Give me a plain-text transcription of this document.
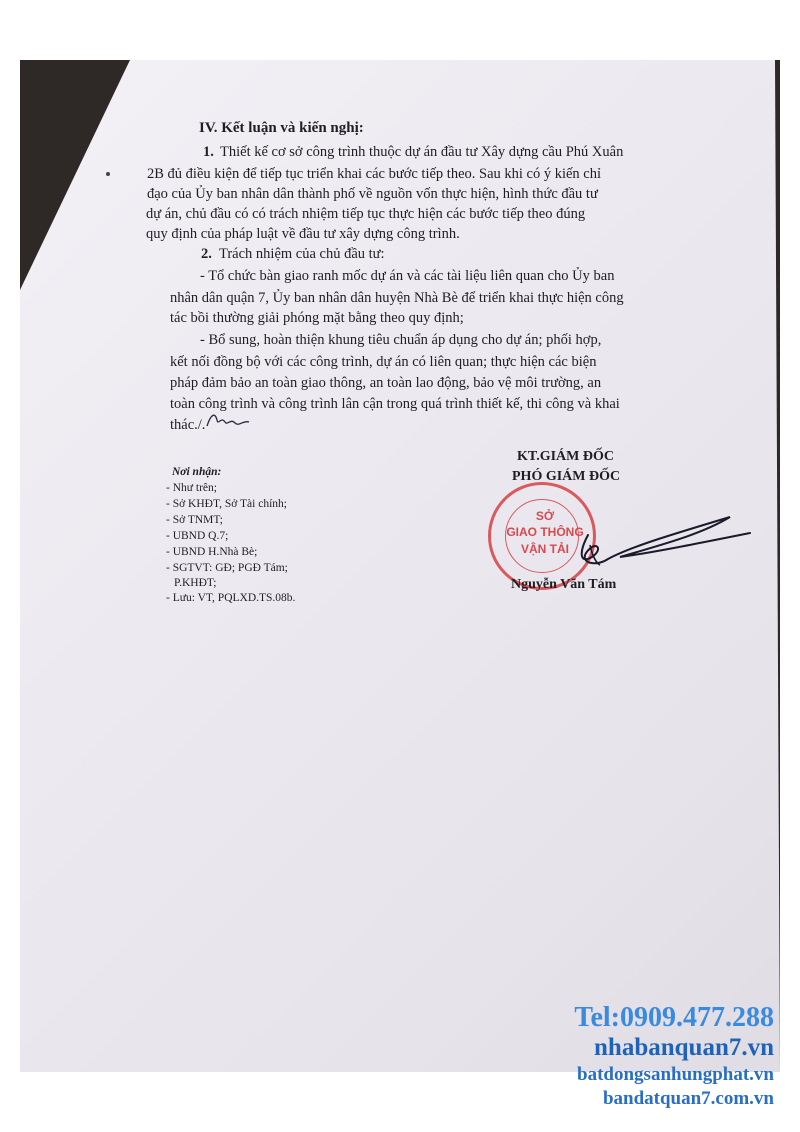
IV. Kết luận và kiến nghị:
1. Thiết kế cơ sở công trình thuộc dự án đầu tư Xây dựng cầu Phú Xuân
2B đủ điều kiện để tiếp tục triển khai các bước tiếp theo. Sau khi có ý kiến chỉ
đạo của Ủy ban nhân dân thành phố về nguồn vốn thực hiện, hình thức đầu tư
dự án, chủ đầu có có trách nhiệm tiếp tục thực hiện các bước tiếp theo đúng
quy định của pháp luật về đầu tư xây dựng công trình.
2. Trách nhiệm của chủ đầu tư:
- Tổ chức bàn giao ranh mốc dự án và các tài liệu liên quan cho Ủy ban
nhân dân quận 7, Ủy ban nhân dân huyện Nhà Bè để triển khai thực hiện công
tác bồi thường giải phóng mặt bằng theo quy định;
- Bổ sung, hoàn thiện khung tiêu chuẩn áp dụng cho dự án; phối hợp,
kết nối đồng bộ với các công trình, dự án có liên quan; thực hiện các biện
pháp đảm bảo an toàn giao thông, an toàn lao động, bảo vệ môi trường, an
toàn công trình và công trình lân cận trong quá trình thiết kế, thi công và khai
thác./.
Nơi nhận:
- Như trên;
- Sở KHĐT, Sở Tài chính;
- Sở TNMT;
- UBND Q.7;
- UBND H.Nhà Bè;
- SGTVT: GĐ; PGĐ Tám;
P.KHĐT;
- Lưu: VT, PQLXD.TS.08b.
KT.GIÁM ĐỐC
PHÓ GIÁM ĐỐC
SỞ
GIAO THÔNG
VẬN TẢI
Nguyễn Văn Tám
Tel:0909.477.288
nhabanquan7.vn
batdongsanhungphat.vn
bandatquan7.com.vn
